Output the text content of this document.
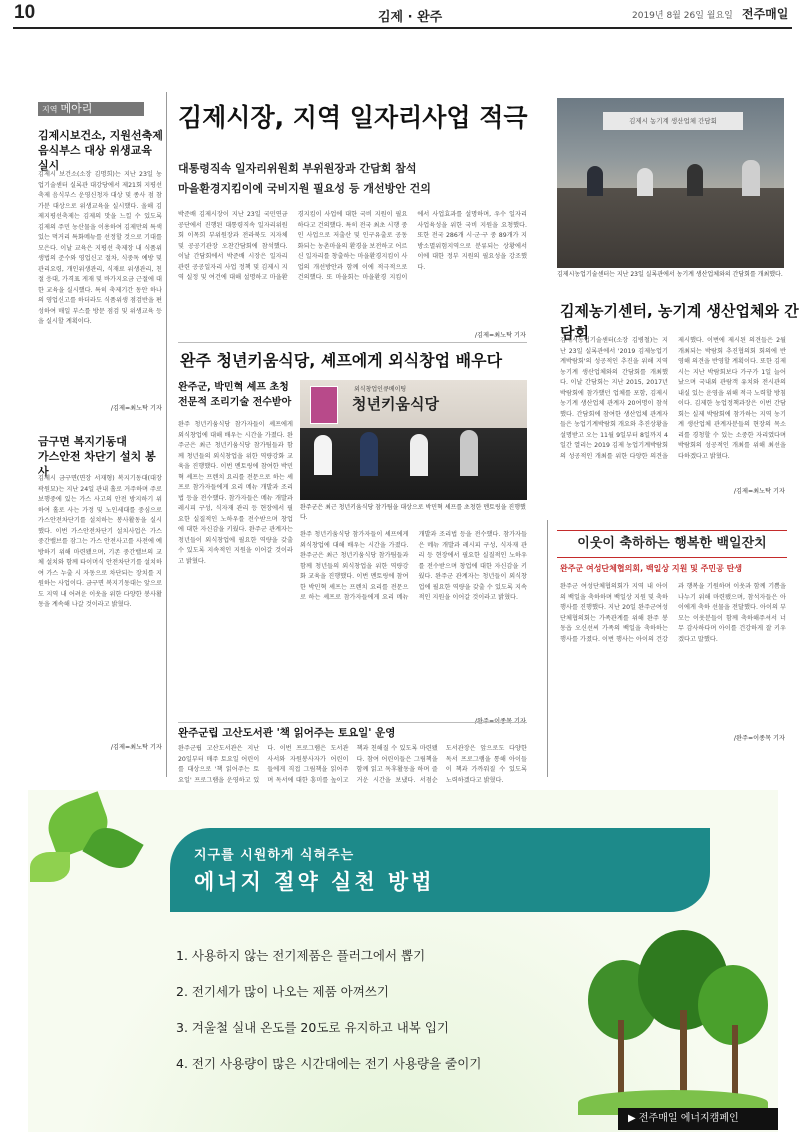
10	김제 · 완주	2019년 8월 26일 월요일 전주매일
지역 메아리
김제시보건소, 지원선축제
음식부스 대상 위생교육 실시
김제시 보건소(소장 김명희)는 지난 23일 농업기술센터 실록관 대강당에서 제21회 지평선축제 음식부스 운영신청자 대상 및 종사 점 참가분 대상으로 위생교육을 실시했다. 올해 김제지평선축제는 김제의 맛을 느낄 수 있도록 김제의 주민 농산물을 이용하여 김제만의 특색있는 먹거리 특화메뉴를 선정할 것으로 기대를 모은다. 이날 교육은 지평선 축제장 내 식품위생법의 준수와 영업신고 절차, 식중독 예방 및 관리요령, 개인위생관리, 식재료 위생관리, 친절 응대, 가격표 게재 및 바가지요금 근절에 대한 교육을 실시했다. 특히 축제기간 동안 하나의 영업신고를 하더라도 식품위생 점검반을 편성하여 매일 부스를 방문 점검 및 위생교육 등을 실시할 계획이다.
/김제=최노탁 기자
금구면 복지기동대
가스안전 차단기 설치 봉사
김제시 금구면(면장 서재형) 복지기동대(대장 곽원묘)는 지난 24일 관내 홀로 거주하며 주로 보행중에 있는 가스 사고의 안전 방지하기 위하여 홀로 사는 가정 및 노인세대를 중심으로 가스안전차단기를 설치하는 봉사활동을 실시했다. 이번 가스안전차단기 설치사업은 가스 중간밸브를 잠그는 가스 안전사고를 사전에 예방하기 위해 마련됐으며, 기존 중간밸브의 교체 설치와 함께 타이머식 안전차단기를 설치하여 가스 누출 시 자동으로 차단되는 장치를 지원하는 사업이다. 금구면 복지기동대는 앞으로도 지역 내 어려운 이웃을 위한 다양한 봉사활동을 계속해 나갈 것이라고 밝혔다.
/김제=최노탁 기자
김제시장, 지역 일자리사업 적극
대통령직속 일자리위원회 부위원장과 간담회 참석
마을환경지킴이에 국비지원 필요성 등 개선방안 건의
박준배 김제시장이 지난 23일 국민연금공단에서 진행된 대통령직속 일자리위원회 이목희 부위원장과 전라북도 지자체 및 공공기관장 오찬간담회에 참석했다. 이날 간담회에서 박준배 시장은 일자리 관련 공공일자리 사업 정책 및 김제시 지역 실정 및 여건에 대해 설명하고 마을환경지킴이 사업에 대한 국비 지원이 필요하다고 건의했다. 특히 전국 최초 시행 중인 사업으로 저출산 및 인구유출로 공동화되는 농촌마을의 환경을 보전하고 어르신 일자리를 창출하는 마을환경지킴이 사업의 개선방안과 함께 이에 적극적으로 건의했다. 또 마을회는 마을환경 지킴이에서 사업효과를 설명하며, 우수 일자리 사업육성을 위한 국비 지원을 요청했다. 또한 전국 286개 시·군·구 중 89개가 지방소멸위험지역으로 분류되는 상황에서 이에 대한 정부 지원의 필요성을 강조했다.
/김제=최노탁 기자
김제시 농기계 생산업체 간담회
김제시농업기술센터는 지난 23일 실록관에서 농기계 생산업체와의 간담회를 개최했다.
김제농기센터, 농기계 생산업체와 간담회
김제시농업기술센터(소장 김병철)는 지난 23일 실록관에서 '2019 김제농업기계박람회'의 성공적인 추진을 위해 지역 농기계 생산업체와의 간담회를 개최했다. 이날 간담회는 지난 2015, 2017년 박람회에 참가했던 업체를 포함, 김제시 농기계 생산업체 관계자 20여명이 참석했다. 간담회에 참여한 생산업체 관계자들은 농업기계박람회 개요와 추진상황을 설명받고 오는 11월 9일부터 8일까지 4일간 열리는 2019 김제 농업기계박람회의 성공적인 개최를 위한 다양한 의견을 제시했다. 이번에 제시된 의견들은 2월 개최되는 박람회 추진협의회 회의에 반영해 의견을 반영할 계획이다. 또한 김제시는 지난 박람회보다 가구가 1일 늘어났으며 국내외 관람객 유치와 전시관의 내실 있는 운영을 위해 적극 노력할 방침이다. 김제한 농업정책과장은 이번 간담회는 실제 박람회에 참가하는 지역 농기계 생산업체 관계자분들의 현장의 목소리를 경청할 수 있는 소중한 자리였다며 박람회의 성공적인 개최를 위해 최선을 다하겠다고 밝혔다.
/김제=최노탁 기자
완주 청년키움식당, 셰프에게 외식창업 배우다
완주군, 박민혁 셰프 초청
전문적 조리기술 전수받아
완주 청년키움식당 참가자들이 셰프에게 외식창업에 대해 배우는 시간을 가졌다. 완주군은 최근 청년키움식당 참가팀들과 함께 청년들의 외식창업을 위한 역량강화 교육을 진행했다. 이번 멘토링에 참여한 박민혁 셰프는 프렌치 요리를 전문으로 하는 셰프로 참가자들에게 요리 메뉴 개발과 조리법 등을 전수했다. 참가자들은 메뉴 개발과 레시피 구성, 식자재 관리 등 현장에서 필요한 실질적인 노하우를 전수받으며 창업에 대한 자신감을 키웠다. 완주군 관계자는 청년들이 외식창업에 필요한 역량을 갖출 수 있도록 지속적인 지원을 이어갈 것이라고 밝혔다.
외식창업인큐베이팅
청년키움식당
완주군은 최근 청년키움식당 참가팀을 대상으로 박민혁 셰프를 초청한 멘토링을 진행했다.
완주 청년키움식당 참가자들이 셰프에게 외식창업에 대해 배우는 시간을 가졌다. 완주군은 최근 청년키움식당 참가팀들과 함께 청년들의 외식창업을 위한 역량강화 교육을 진행했다. 이번 멘토링에 참여한 박민혁 셰프는 프렌치 요리를 전문으로 하는 셰프로 참가자들에게 요리 메뉴 개발과 조리법 등을 전수했다. 참가자들은 메뉴 개발과 레시피 구성, 식자재 관리 등 현장에서 필요한 실질적인 노하우를 전수받으며 창업에 대한 자신감을 키웠다. 완주군 관계자는 청년들이 외식창업에 필요한 역량을 갖출 수 있도록 지속적인 지원을 이어갈 것이라고 밝혔다.
완주군립 고산도서관 '책 읽어주는 토요일' 운영
완주군립 고산도서관은 지난 20일부터 매주 토요일 어린이를 대상으로 '책 읽어주는 토요일' 프로그램을 운영하고 있다. 이번 프로그램은 도서관 사서와 자원봉사자가 어린이들에게 직접 그림책을 읽어주며 독서에 대한 흥미를 높이고 책과 친해질 수 있도록 마련됐다. 참여 어린이들은 그림책을 함께 읽고 독후활동을 하며 즐거운 시간을 보냈다. 서점순 도서관장은 앞으로도 다양한 독서 프로그램을 통해 아이들이 책과 가까워질 수 있도록 노력하겠다고 밝혔다.
이웃이 축하하는 행복한 백일잔치
완주군 여성단체협의회, 백일상 지원 및 주민공 탄생
완주군 여성단체협의회가 지역 내 아이의 백일을 축하하며 백일상 지원 및 축하행사를 진행했다. 지난 20일 완주군여성단체협의회는 가족관계를 위해 완주 봉동읍 오신선씨 가족의 백일을 축하하는 행사를 가졌다. 이번 행사는 아이의 건강과 행복을 기원하며 이웃과 함께 기쁨을 나누기 위해 마련됐으며, 참석자들은 아이에게 축하 선물을 전달했다. 아이의 부모는 이웃분들이 함께 축하해주셔서 너무 감사하다며 아이를 건강하게 잘 키우겠다고 말했다.
/완주=이종목 기자
지구를 시원하게 식혀주는
에너지 절약 실천 방법
1. 사용하지 않는 전기제품은 플러그에서 뽑기
2. 전기세가 많이 나오는 제품 아껴쓰기
3. 겨울철 실내 온도를 20도로 유지하고 내복 입기
4. 전기 사용량이 많은 시간대에는 전기 사용량을 줄이기
▶ 전주매일 에너지캠페인
